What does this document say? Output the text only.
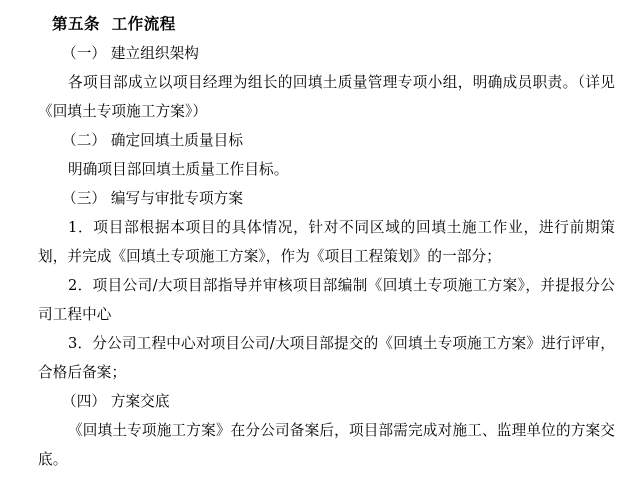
第五条  工作流程

（一） 建立组织架构

各项目部成立以项目经理为组长的回填土质量管理专项小组，明确成员职责。（详见《回填土专项施工方案》）

（二） 确定回填土质量目标

明确项目部回填土质量工作目标。

（三） 编写与审批专项方案

1．项目部根据本项目的具体情况，针对不同区域的回填土施工作业，进行前期策划，并完成《回填土专项施工方案》，作为《项目工程策划》的一部分；

2．项目公司/大项目部指导并审核项目部编制《回填土专项施工方案》，并提报分公司工程中心

3．分公司工程中心对项目公司/大项目部提交的《回填土专项施工方案》进行评审，合格后备案；

（四） 方案交底

《回填土专项施工方案》在分公司备案后，项目部需完成对施工、监理单位的方案交底。
